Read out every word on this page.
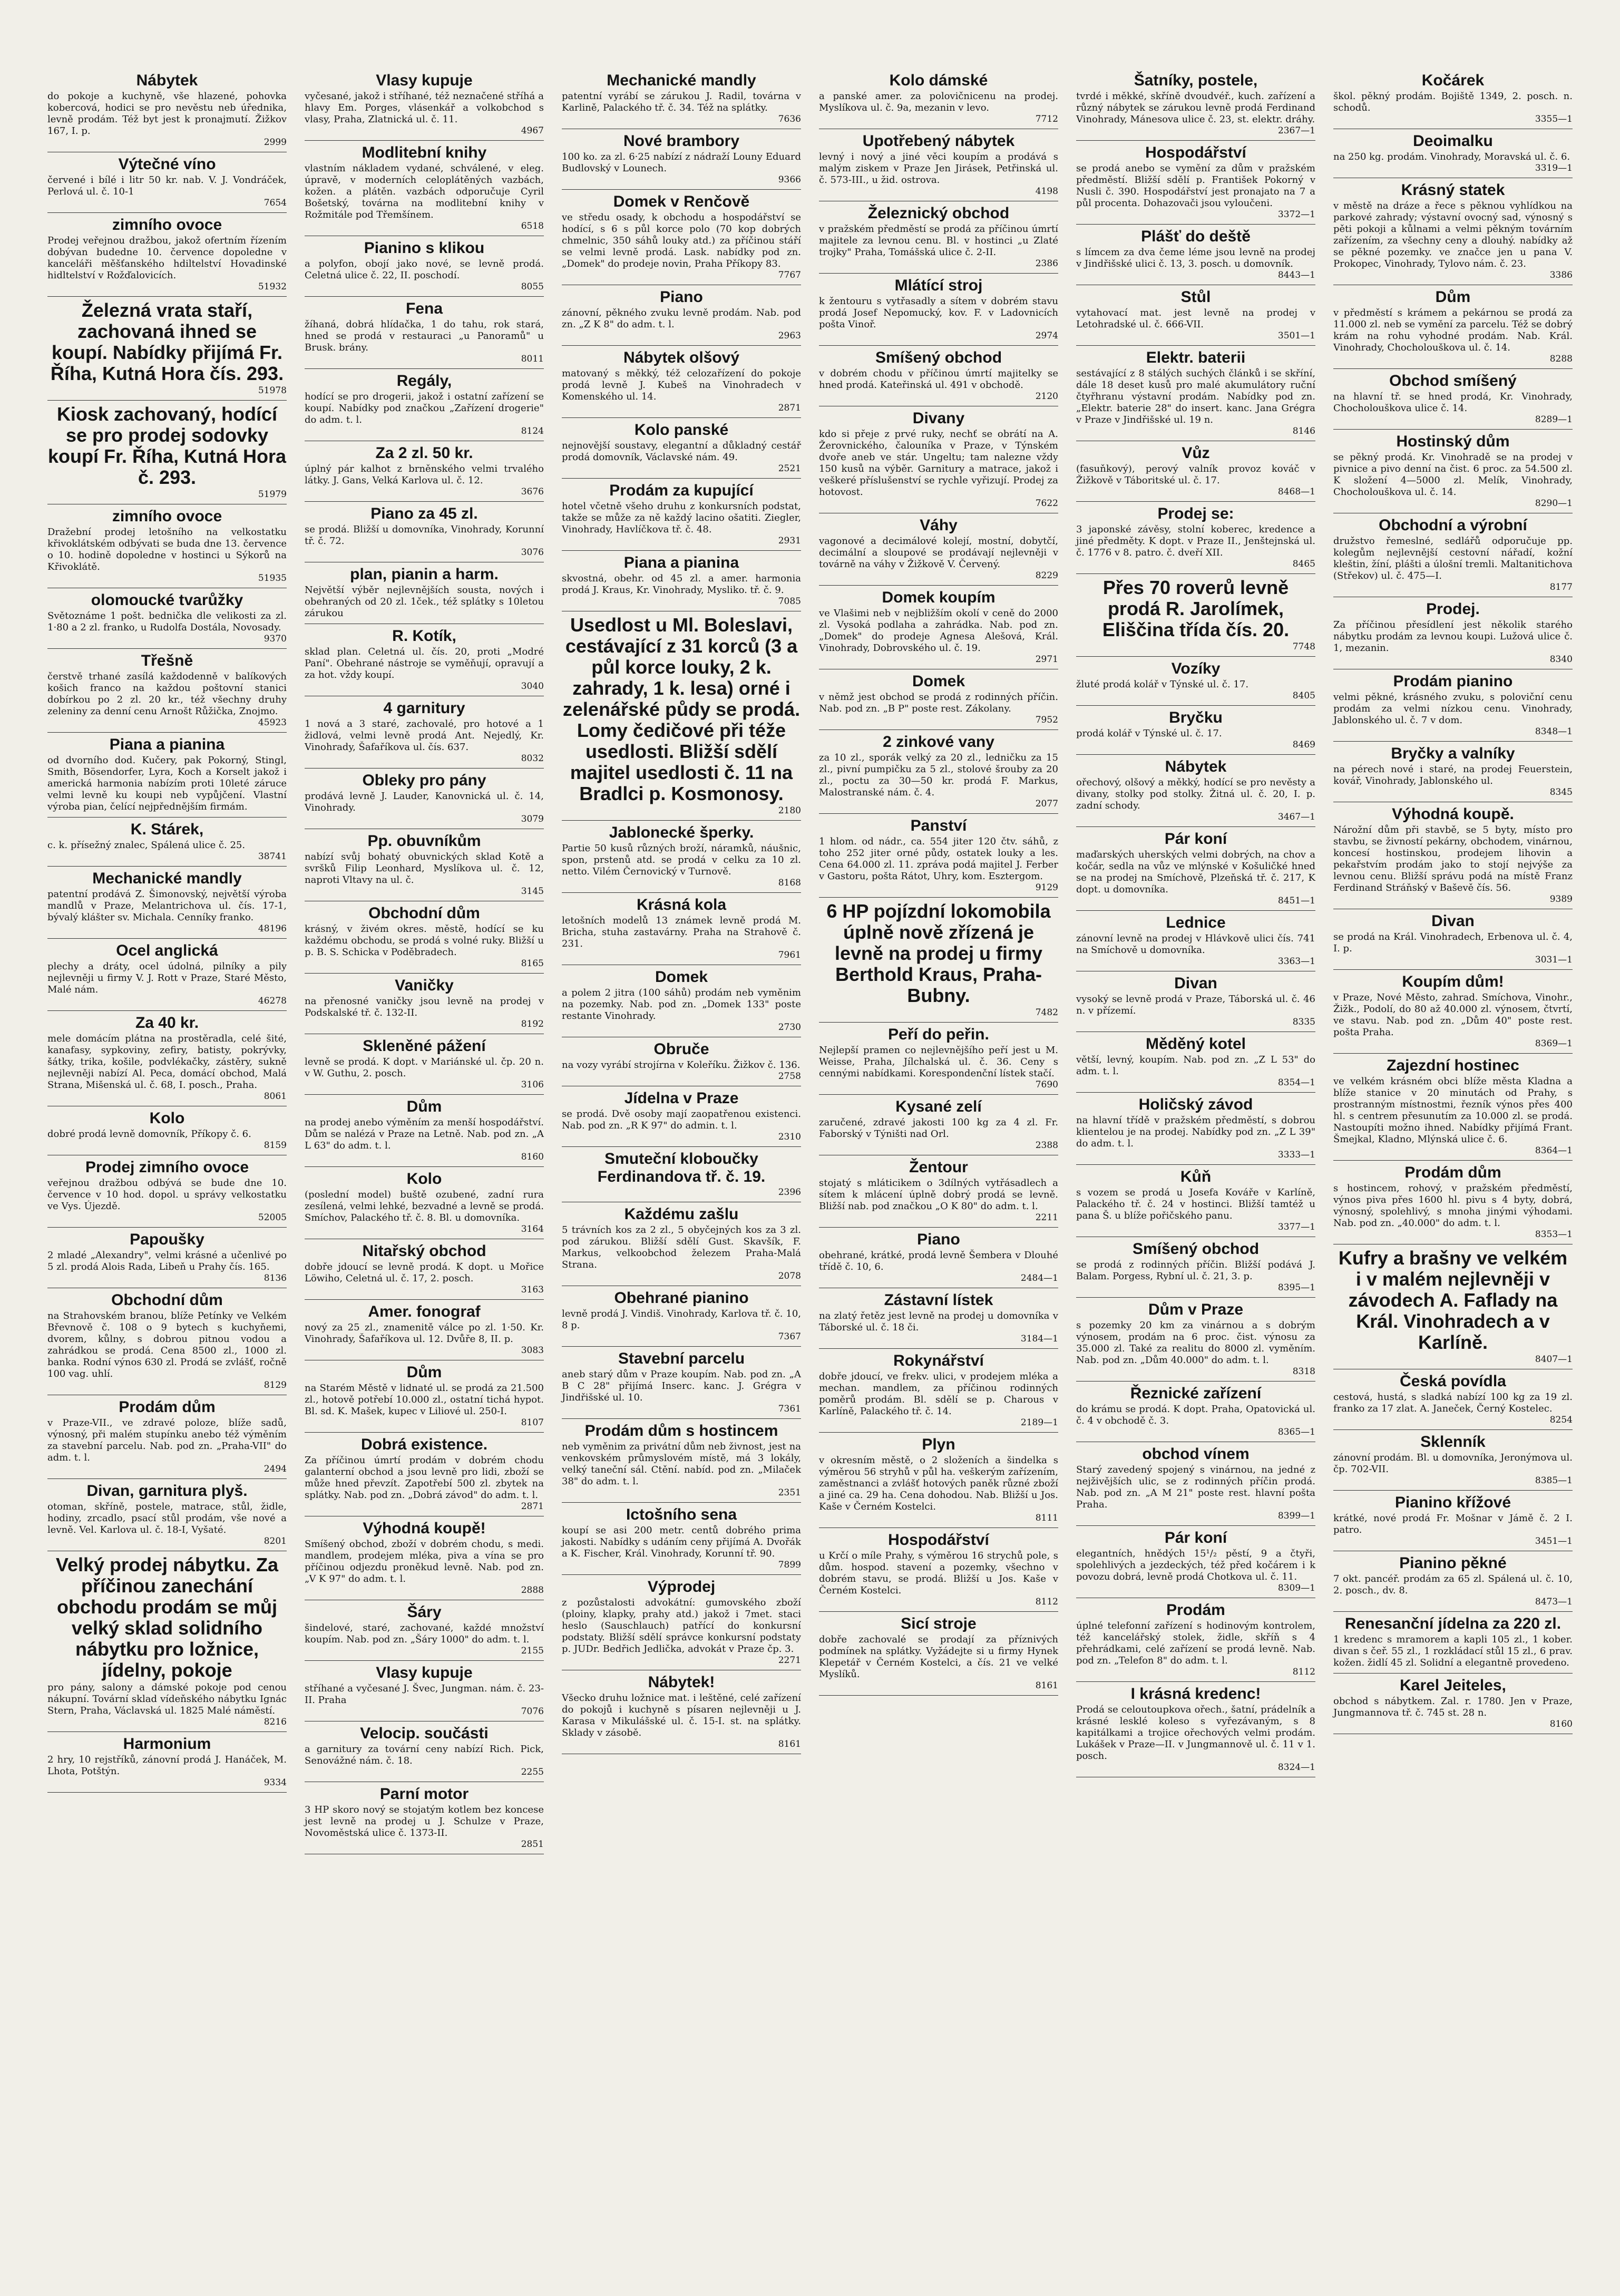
Nábytek
do pokoje a kuchyně, vše hlazené, pohovka kobercová, hodici se pro nevěstu neb úřednika, levně prodám. Též byt jest k pronajmutí. Žižkov 167, I. p.
2999
Výtečné víno
červené i bílé i litr 50 kr. nab. V. J. Vondráček, Perlová ul. č. 10-1
7654
zimního ovoce
Prodej veřejnou dražbou, jakož ofertním řízením dobývan budedne 10. července dopoledne v kanceláři měšťanského hdiltelství Hovadinské hidltelství v Rožďalovicích.
51932
Železná vrata staří, zachovaná ihned se koupí. Nabídky přijímá Fr. Říha, Kutná Hora čís. 293.
51978
Kiosk zachovaný, hodící se pro prodej sodovky koupí Fr. Říha, Kutná Hora č. 293.
51979
zimního ovoce
Dražební prodej letošního na velkostatku křivoklátském odbývati se buda dne 13. července o 10. hodině dopoledne v hostinci u Sýkorů na Křivoklátě.
51935
olomoucké tvarůžky
Světoznáme 1 pošt. bednička dle velikosti za zl. 1·80 a 2 zl. franko, u Rudolfa Dostála, Novosady.
9370
Třešně
čerstvě trhané zasílá každodenně v balíkových košich franco na každou poštovní stanici dobírkou po 2 zl. 20 kr., též všechny druhy zeleniny za denní cenu Arnošt Růžička, Znojmo.
45923
Piana a pianina
od dvorního dod. Kučery, pak Pokorný, Stingl, Smith, Bösendorfer, Lyra, Koch a Korselt jakož i americká harmonia nabízím proti 10leté záruce velmi levně ku koupi neb vypůjčení. Vlastní výroba pian, čelící nejpřednějším firmám.
K. Stárek,
c. k. přísežný znalec, Spálená ulice č. 25.
38741
Mechanické mandly
patentní prodává Z. Šimonovský, největší výroba mandlů v Praze, Melantrichova ul. čís. 17-1, bývalý klášter sv. Michala. Cenníky franko.
48196
Ocel anglická
plechy a dráty, ocel údolná, pilníky a pily nejlevněji u firmy V. J. Rott v Praze, Staré Město, Malé nám.
46278
Za 40 kr.
mele domácím plátna na prostěradla, celé šité, kanafasy, sypkoviny, zefiry, batisty, pokrývky, šátky, trika, košile, podvlékačky, zástěry, sukně nejlevněji nabízí Al. Peca, domácí obchod, Malá Strana, Mišenská ul. č. 68, I. posch., Praha.
8061
Kolo
dobré prodá levně domovník, Příkopy č. 6.
8159
Prodej zimního ovoce
veřejnou dražbou odbývá se bude dne 10. července v 10 hod. dopol. u správy velkostatku ve Vys. Újezdě.
52005
Papoušky
2 mladé „Alexandry", velmi krásné a učenlivé po 5 zl. prodá Alois Rada, Libeň u Prahy čís. 165.
8136
Obchodní dům
na Strahovském branou, blíže Petínky ve Velkém Břevnově č. 108 o 9 bytech s kuchyňemi, dvorem, kůlny, s dobrou pitnou vodou a zahrádkou se prodá. Cena 8500 zl., 1000 zl. banka. Rodní výnos 630 zl. Prodá se zvlášť, ročně 100 vag. uhlí.
8129
Prodám dům
v Praze-VII., ve zdravé poloze, blíže sadů, výnosný, při malém stupínku anebo též výměním za stavební parcelu. Nab. pod zn. „Praha-VII" do adm. t. l.
2494
Divan, garnitura plyš.
otoman, skříně, postele, matrace, stůl, židle, hodiny, zrcadlo, psací stůl prodám, vše nové a levně. Vel. Karlova ul. č. 18-I, Vyšaté.
8201
Velký prodej nábytku. Za příčinou zanechání obchodu prodám se můj velký sklad solidního nábytku pro ložnice, jídelny, pokoje
pro pány, salony a dámské pokoje pod cenou nákupní. Tovární sklad vídeňského nábytku Ignác Stern, Praha, Václavská ul. 1825 Malé náměstí.
8216
Harmonium
2 hry, 10 rejstříků, zánovní prodá J. Hanáček, M. Lhota, Potštýn.
9334
Vlasy kupuje
vyčesané, jakož i stříhané, též neznačené stříhá a hlavy Em. Porges, vlásenkář a volkobchod s vlasy, Praha, Zlatnická ul. č. 11.
4967
Modlitební knihy
vlastním nákladem vydané, schválené, v eleg. úpravě, v moderních celoplátěných vazbách, kožen. a plátěn. vazbách odporučuje Cyril Bošetský, továrna na modlitební knihy v Rožmitále pod Třemšínem.
6518
Pianino s klikou
a polyfon, obojí jako nové, se levně prodá. Celetná ulice č. 22, II. poschodí.
8055
Fena
žíhaná, dobrá hlídačka, 1 do tahu, rok stará, hned se prodá v restauraci „u Panoramů" u Brusk. brány.
8011
Regály,
hodící se pro drogerii, jakož i ostatní zařízení se koupí. Nabídky pod značkou „Zařízení drogerie" do adm. t. l.
8124
Za 2 zl. 50 kr.
úplný pár kalhot z brněnského velmi trvalého látky. J. Gans, Velká Karlova ul. č. 12.
3676
Piano za 45 zl.
se prodá. Bližší u domovníka, Vinohrady, Korunní tř. č. 72.
3076
plan, pianin a harm.
Největší výběr nejlevnějších sousta, nových i obehraných od 20 zl. 1ček., též splátky s 10letou zárukou
R. Kotík,
sklad plan. Celetná ul. čís. 20, proti „Modré Paní". Obehrané nástroje se vyměňují, opravují a za hot. vždy koupí.
3040
4 garnitury
1 nová a 3 staré, zachovalé, pro hotové a 1 židlová, velmi levně prodá Ant. Nejedlý, Kr. Vinohrady, Šafaříkova ul. čís. 637.
8032
Obleky pro pány
prodává levně J. Lauder, Kanovnická ul. č. 14, Vinohrady.
3079
Pp. obuvníkům
nabízí svůj bohatý obuvnických sklad Kotě a svršků Filip Leonhard, Myslíkova ul. č. 12, naproti Vltavy na ul. č.
3145
Obchodní dům
krásný, v živém okres. městě, hodící se ku každému obchodu, se prodá s volné ruky. Bližší u p. B. S. Schicka v Poděbradech.
8165
Vaničky
na přenosné vaničky jsou levně na prodej v Podskalské tř. č. 132-II.
8192
Skleněné pážení
levně se prodá. K dopt. v Mariánské ul. čp. 20 n. v W. Guthu, 2. posch.
3106
Dům
na prodej anebo výměním za menší hospodářství. Dům se nalézá v Praze na Letně. Nab. pod zn. „A L 63" do adm. t. l.
8160
Kolo
(poslední model) buště ozubené, zadní rura zesílená, velmi lehké, bezvadné a levně se prodá. Smíchov, Palackého tř. č. 8. Bl. u domovníka.
3164
Nitařský obchod
dobře jdoucí se levně prodá. K dopt. u Mořice Löwiho, Celetná ul. č. 17, 2. posch.
3163
Amer. fonograf
nový za 25 zl., znamenitě válce po zl. 1·50. Kr. Vinohrady, Šafaříkova ul. 12. Dvůře 8, II. p.
3083
Dům
na Starém Městě v lidnaté ul. se prodá za 21.500 zl., hotově potřebí 10.000 zl., ostatní tichá hypot. Bl. sd. K. Mašek, kupec v Liliové ul. 250-I.
8107
Dobrá existence.
Za příčinou úmrtí prodám v dobrém chodu galanterní obchod a jsou levně pro lidi, zboží se může hned převzít. Zapotřebí 500 zl. zbytek na splátky. Nab. pod zn. „Dobrá závod" do adm. t. l.
2871
Výhodná koupě!
Smíšený obchod, zboží v dobrém chodu, s medi. mandlem, prodejem mléka, piva a vína se pro příčinou odjezdu proněkud levně. Nab. pod zn. „V K 97" do adm. t. l.
2888
Šáry
šindelové, staré, zachované, každé množství koupím. Nab. pod zn. „Šáry 1000" do adm. t. l.
2155
Vlasy kupuje
stříhané a vyčesané J. Švec, Jungman. nám. č. 23-II. Praha
7076
Velocip. součásti
a garnitury za tovární ceny nabízí Rich. Pick, Senovážné nám. č. 18.
2255
Parní motor
3 HP skoro nový se stojatým kotlem bez koncese jest levně na prodej u J. Schulze v Praze, Novoměstská ulice č. 1373-II.
2851
Mechanické mandly
patentní vyrábí se zárukou J. Radil, továrna v Karlině, Palackého tř. č. 34. Též na splátky.
7636
Nové brambory
100 ko. za zl. 6·25 nabízí z nádraží Louny Eduard Budlovský v Lounech.
9366
Domek v Renčově
ve středu osady, k obchodu a hospodářství se hodící, s 6 s půl korce polo (70 kop dobrých chmelnic, 350 sáhů louky atd.) za příčinou stáří se velmi levně prodá. Lask. nabídky pod zn. „Domek" do prodeje novin, Praha Příkopy 83.
7767
Piano
zánovní, pěkného zvuku levně prodám. Nab. pod zn. „Z K 8" do adm. t. l.
2963
Nábytek olšový
matovaný s měkký, též celozařízení do pokoje prodá levně J. Kubeš na Vinohradech v Komenského ul. 14.
2871
Kolo panské
nejnovější soustavy, elegantní a důkladný cestář prodá domovník, Václavské nám. 49.
2521
Prodám za kupující
hotel včetně všeho druhu z konkursních podstat, takže se může za ně každý lacino ošatiti. Ziegler, Vinohrady, Havlíčkova tř. č. 48.
2931
Piana a pianina
skvostná, obehr. od 45 zl. a amer. harmonia prodá J. Kraus, Kr. Vinohrady, Mysliko. tř. č. 9.
7085
Usedlost u Ml. Boleslavi, cestávající z 31 korců (3 a půl korce louky, 2 k. zahrady, 1 k. lesa) orné i zelenářské půdy se prodá. Lomy čedičové při téže usedlosti. Bližší sdělí majitel usedlosti č. 11 na Bradlci p. Kosmonosy.
2180
Jablonecké šperky.
Partie 50 kusů různých broží, náramků, náušnic, spon, prstenů atd. se prodá v celku za 10 zl. netto. Vilém Černovický v Turnově.
8168
Krásná kola
letošních modelů 13 známek levně prodá M. Bricha, stuha zastavárny. Praha na Strahově č. 231.
7961
Domek
a polem 2 jitra (100 sáhů) prodám neb vyměnim na pozemky. Nab. pod zn. „Domek 133" poste restante Vinohrady.
2730
Obruče
na vozy vyrábí strojírna v Koleříku. Žižkov č. 136.
2758
Jídelna v Praze
se prodá. Dvě osoby mají zaopatřenou existenci. Nab. pod zn. „R K 97" do admin. t. l.
2310
Smuteční kloboučky Ferdinandova tř. č. 19.
2396
Každému zašlu
5 trávních kos za 2 zl., 5 obyčejných kos za 3 zl. pod zárukou. Bližší sdělí Gust. Skavšík, F. Markus, velkoobchod železem Praha-Malá Strana.
2078
Obehrané pianino
levně prodá J. Vindiš. Vinohrady, Karlova tř. č. 10, 8 p.
7367
Stavební parcelu
aneb starý dům v Praze koupím. Nab. pod zn. „A B C 28" přijímá Inserc. kanc. J. Grégra v Jindřišské ul. 10.
7361
Prodám dům s hostincem
neb vyměnim za privátní dům neb živnost, jest na venkovském průmyslovém místě, má 3 lokály, velký taneční sál. Ctění. nabíd. pod zn. „Milaček 38" do adm. t. l.
2351
Ictošního sena
koupí se asi 200 metr. centů dobrého prima jakosti. Nabídky s udáním ceny přijímá A. Dvořák a K. Fischer, Král. Vinohrady, Korunní tř. 90.
7899
Výprodej
z pozůstalosti advokátní: gumovského zboží (ploiny, klapky, prahy atd.) jakož i 7met. staci heslo (Sauschlauch) patřící do konkursní podstaty. Bližší sdělí správce konkursní podstaty p. JUDr. Bedřich Jedlička, advokát v Praze čp. 3.
2271
Nábytek!
Všecko druhu ložnice mat. i leštěné, celé zařízení do pokojů i kuchyně s písaren nejlevněji u J. Karasa v Mikulášské ul. č. 15-I. st. na splátky. Sklady v zásobě.
8161
Kolo dámské
a panské amer. za polovičnicenu na prodej. Myslíkova ul. č. 9a, mezanin v levo.
7712
Upotřebený nábytek
levný i nový a jiné věci koupím a prodává s malým ziskem v Praze Jen Jirásek, Petřinská ul. č. 573-III., u žid. ostrova.
4198
Železnický obchod
v pražském předměstí se prodá za příčinou úmrtí majitele za levnou cenu. Bl. v hostinci „u Zlaté trojky" Praha, Tomášská ulice č. 2-II.
2386
Mlátící stroj
k žentouru s vytřasadly a sítem v dobrém stavu prodá Josef Nepomucký, kov. F. v Ladovnicích pošta Vinoř.
2974
Smíšený obchod
v dobrém chodu v příčinou úmrtí majitelky se hned prodá. Kateřinská ul. 491 v obchodě.
2120
Divany
kdo si přeje z prvé ruky, nechť se obrátí na A. Žerovnického, čalouníka v Praze, v Týnském dvoře aneb ve stár. Ungeltu; tam nalezne vždy 150 kusů na výběr. Garnitury a matrace, jakož i veškeré příslušenství se rychle vyřizují. Prodej za hotovost.
7622
Váhy
vagonové a decimálové kolejí, mostní, dobytčí, decimální a sloupové se prodávají nejlevněji v továrně na váhy v Žižkově V. Červený.
8229
Domek koupím
ve Vlašimi neb v nejbližším okolí v ceně do 2000 zl. Vysoká podlaha a zahrádka. Nab. pod zn. „Domek" do prodeje Agnesa Alešová, Král. Vinohrady, Dobrovského ul. č. 19.
2971
Domek
v němž jest obchod se prodá z rodinných příčin. Nab. pod zn. „B P" poste rest. Zákolany.
7952
2 zinkové vany
za 10 zl., sporák velký za 20 zl., ledničku za 15 zl., pivní pumpičku za 5 zl., stolové šrouby za 20 zl., poctu za 30—50 kr. prodá F. Markus, Malostranské nám. č. 4.
2077
Panství
1 hlom. od nádr., ca. 554 jiter 120 čtv. sáhů, z toho 252 jiter orné půdy, ostatek louky a les. Cena 64.000 zl. 11. zpráva podá majitel J. Ferber v Gastoru, pošta Rátot, Uhry, kom. Esztergom.
9129
6 HP pojízdní lokomobila úplně nově zřízená je levně na prodej u firmy Berthold Kraus, Praha-Bubny.
7482
Peří do peřin.
Nejlepší pramen co nejlevnějšího peří jest u M. Weisse, Praha, Jílchalská ul. č. 36. Ceny s cennými nabídkami. Korespondenční lístek stačí.
7690
Kysané zelí
zaručené, zdravé jakosti 100 kg za 4 zl. Fr. Faborský v Týništi nad Orl.
2388
Žentour
stojatý s mláticikem o 3dílných vytřásadlech a sítem k mlácení úplně dobrý prodá se levně. Bližší nab. pod značkou „O K 80" do adm. t. l.
2211
Piano
obehrané, krátké, prodá levně Šembera v Dlouhé třídě č. 10, 6.
2484—1
Zástavní lístek
na zlatý řetěz jest levně na prodej u domovníka v Táborské ul. č. 18 či.
3184—1
Rokynářství
dobře jdoucí, ve frekv. ulici, v prodejem mléka a mechan. mandlem, za příčinou rodinných poměrů prodám. Bl. sdělí se p. Charous v Karlíně, Palackého tř. č. 14.
2189—1
Plyn
v okresním městě, o 2 složeních a šindelka s výměrou 56 stryhů v půl ha. veškerým zařízením, zaměstnanci a zvlášť hotových paněk různé zboží a jiné ca. 29 ha. Cena dohodou. Nab. Bližší u Jos. Kaše v Černém Kostelci.
8111
Hospodářství
u Krčí o míle Prahy, s výměrou 16 strychů pole, s dům. hospod. stavení a pozemky, všechno v dobrém stavu, se prodá. Bližší u Jos. Kaše v Černém Kostelci.
8112
Sicí stroje
dobře zachovalé se prodají za příznivých podmínek na splátky. Vyžádejte si u firmy Hynek Klepetář v Černém Kostelci, a čís. 21 ve velké Myslíků.
8161
Šatníky, postele,
tvrdé i měkké, skříně dvoudvéř., kuch. zařízení a různý nábytek se zárukou levně prodá Ferdinand Vinohrady, Mánesova ulice č. 23, st. elektr. dráhy.
2367—1
Hospodářství
se prodá anebo se vymění za dům v pražském předměstí. Bližší sdělí p. František Pokorný v Nusli č. 390. Hospodářství jest pronajato na 7 a půl procenta. Dohazovači jsou vyloučeni.
3372—1
Plášť do deště
s límcem za dva čeme léme jsou levně na prodej v Jindřišské ulici č. 13, 3. posch. u domovník.
8443—1
Stůl
vytahovací mat. jest levně na prodej v Letohradské ul. č. 666-VII.
3501—1
Elektr. baterii
sestávající z 8 stálých suchých článků i se skříní, dále 18 deset kusů pro malé akumulátory ruční čtyřhranu výstavní prodám. Nabídky pod zn. „Elektr. baterie 28" do insert. kanc. Jana Grégra v Praze v Jindřišské ul. 19 n.
8146
Vůz
(fasuňkový), perový valník provoz kováč v Žižkově v Táboritské ul. č. 17.
8468—1
Prodej se:
3 japonské závěsy, stolní koberec, kredence a jiné předměty. K dopt. v Praze II., Jenštejnská ul. č. 1776 v 8. patro. č. dveří XII.
8465
Přes 70 roverů levně prodá R. Jarolímek, Eliščina třída čís. 20.
7748
Vozíky
žluté prodá kolář v Týnské ul. č. 17.
8405
Bryčku
prodá kolář v Týnské ul. č. 17.
8469
Nábytek
ořechový, olšový a měkký, hodící se pro nevěsty a divany, stolky pod stolky. Žitná ul. č. 20, I. p. zadní schody.
3467—1
Pár koní
maďarských uherských velmi dobrých, na chov a kočár, sedla na vůz ve mlýnské v Košuličké hned se na prodej na Smíchově, Plzeňská tř. č. 217, K dopt. u domovníka.
8451—1
Lednice
zánovní levně na prodej v Hlávkově ulici čís. 741 na Smíchově u domovníka.
3363—1
Divan
vysoký se levně prodá v Praze, Táborská ul. č. 46 n. v přízemí.
8335
Měděný kotel
větší, levný, koupím. Nab. pod zn. „Z L 53" do adm. t. l.
8354—1
Holičský závod
na hlavní třídě v pražském předměstí, s dobrou klientelou je na prodej. Nabídky pod zn. „Z L 39" do adm. t. l.
3333—1
Kůň
s vozem se prodá u Josefa Kováře v Karlíně, Palackého tř. č. 24 v hostinci. Bližší tamtéž u pana Š. u blíže pořičského panu.
3377—1
Smíšený obchod
se prodá z rodinných příčin. Bližší podává J. Balam. Porgess, Rybní ul. č. 21, 3. p.
8395—1
Dům v Praze
s pozemky 20 km za vinárnou a s dobrým výnosem, prodám na 6 proc. čist. výnosu za 35.000 zl. Také za realitu do 8000 zl. vyměním. Nab. pod zn. „Dům 40.000" do adm. t. l.
8318
Řeznické zařízení
do krámu se prodá. K dopt. Praha, Opatovická ul. č. 4 v obchodě č. 3.
8365—1
obchod vínem
Starý zavedený spojený s vinárnou, na jedné z nejživějších ulic, se z rodinných příčin prodá. Nab. pod zn. „A M 21" poste rest. hlavní pošta Praha.
8399—1
Pár koní
elegantních, hnědých 15¹/₂ pěstí, 9 a čtyři, spolehlivých a jezdeckých, též před kočárem i k povozu dobrá, levně prodá Chotkova ul. č. 11.
8309—1
Prodám
úplné telefonní zařízení s hodinovým kontrolem, též kancelářský stolek, židle, skříň s 4 přehrádkami, celé zařízení se prodá levně. Nab. pod zn. „Telefon 8" do adm. t. l.
8112
I krásná kredenc!
Prodá se celoutoupkova ořech., šatní, prádelník a krásné lesklé koleso s vyřezávaným, s 8 kapitálkami a trojice ořechových velmi prodám. Lukášek v Praze—II. v Jungmannově ul. č. 11 v 1. posch.
8324—1
Kočárek
škol. pěkný prodám. Bojiště 1349, 2. posch. n. schodů.
3355—1
Deoimalku
na 250 kg. prodám. Vinohrady, Moravská ul. č. 6.
3319—1
Krásný statek
v městě na dráze a řece s pěknou vyhlídkou na parkové zahrady; výstavní ovocný sad, výnosný s pěti pokoji a kůlnami a velmi pěkným továrním zařízením, za všechny ceny a dlouhý. nabídky až se pěkné pozemky. ve značce jen u pana V. Prokopec, Vinohrady, Tylovo nám. č. 23.
3386
Dům
v předměstí s krámem a pekárnou se prodá za 11.000 zl. neb se vymění za parcelu. Též se dobrý krám na rohu vyhodné prodám. Nab. Král. Vinohrady, Chocholouškova ul. č. 14.
8288
Obchod smíšený
na hlavní tř. se hned prodá, Kr. Vinohrady, Chocholouškova ulice č. 14.
8289—1
Hostinský dům
se pěkný prodá. Kr. Vinohradě se na prodej v pivnice a pivo denní na čist. 6 proc. za 54.500 zl. K složení 4—5000 zl. Melík, Vinohrady, Chocholouškova ul. č. 14.
8290—1
Obchodní a výrobní
družstvo řemeslné, sedlářů odporučuje pp. kolegům nejlevnější cestovní nářadí, kožní kleštin, žíní, plášti a úlošní tremli. Maltanitichova (Střekov) ul. č. 475—I.
8177
Prodej.
Za příčinou přesídlení jest několik starého nábytku prodám za levnou koupi. Lužová ulice č. 1, mezanin.
8340
Prodám pianino
velmi pěkné, krásného zvuku, s poloviční cenu prodám za velmi nízkou cenu. Vinohrady, Jablonského ul. č. 7 v dom.
8348—1
Bryčky a valníky
na pérech nové i staré, na prodej Feuerstein, kovář, Vinohrady, Jablonského ul.
8345
Výhodná koupě.
Nárožní dům při stavbě, se 5 byty, místo pro stavbu, se živností pekárny, obchodem, vinárnou, koncesí hostinskou, prodejem lihovin a pekařstvím prodám jako to stojí nejvýše za levnou cenu. Bližší správu podá na místě Franz Ferdinand Stráňský v Baševě čís. 56.
9389
Divan
se prodá na Král. Vinohradech, Erbenova ul. č. 4, I. p.
3031—1
Koupím dům!
v Praze, Nové Město, zahrad. Smíchova, Vinohr., Žižk., Podolí, do 80 až 40.000 zl. výnosem, čtvrtí, ve stavu. Nab. pod zn. „Dům 40" poste rest. pošta Praha.
8369—1
Zajezdní hostinec
ve velkém krásném obci blíže města Kladna a blíže stanice v 20 minutách od Prahy, s prostranným místnostmi, řezník výnos přes 400 hl. s centrem přesunutím za 10.000 zl. se prodá. Nastoupíti možno ihned. Nabídky přijímá Frant. Šmejkal, Kladno, Mlýnská ulice č. 6.
8364—1
Prodám dům
s hostincem, rohový, v pražském předměstí, výnos piva přes 1600 hl. pivu s 4 byty, dobrá, výnosný, spolehlivý, s mnoha jinými výhodami. Nab. pod zn. „40.000" do adm. t. l.
8353—1
Kufry a brašny ve velkém i v malém nejlevněji v závodech A. Faflady na Král. Vinohradech a v Karlíně.
8407—1
Česká povídla
cestová, hustá, s sladká nabízí 100 kg za 19 zl. franko za 17 zlat. A. Janeček, Černý Kostelec.
8254
Sklenník
zánovní prodám. Bl. u domovníka, Jeronýmova ul. čp. 702-VII.
8385—1
Pianino křížové
krátké, nové prodá Fr. Mošnar v Jámě č. 2 I. patro.
3451—1
Pianino pěkné
7 okt. pancéř. prodám za 65 zl. Spálená ul. č. 10, 2. posch., dv. 8.
8473—1
Renesanční jídelna za 220 zl.
1 kredenc s mramorem a kapli 105 zl., 1 kober. divan s čeř. 55 zl., 1 rozkládací stůl 15 zl., 6 prav. kožen. židlí 45 zl. Solidní a elegantně provedeno.
Karel Jeiteles,
obchod s nábytkem. Zal. r. 1780. Jen v Praze, Jungmannova tř. č. 745 st. 28 n.
8160
